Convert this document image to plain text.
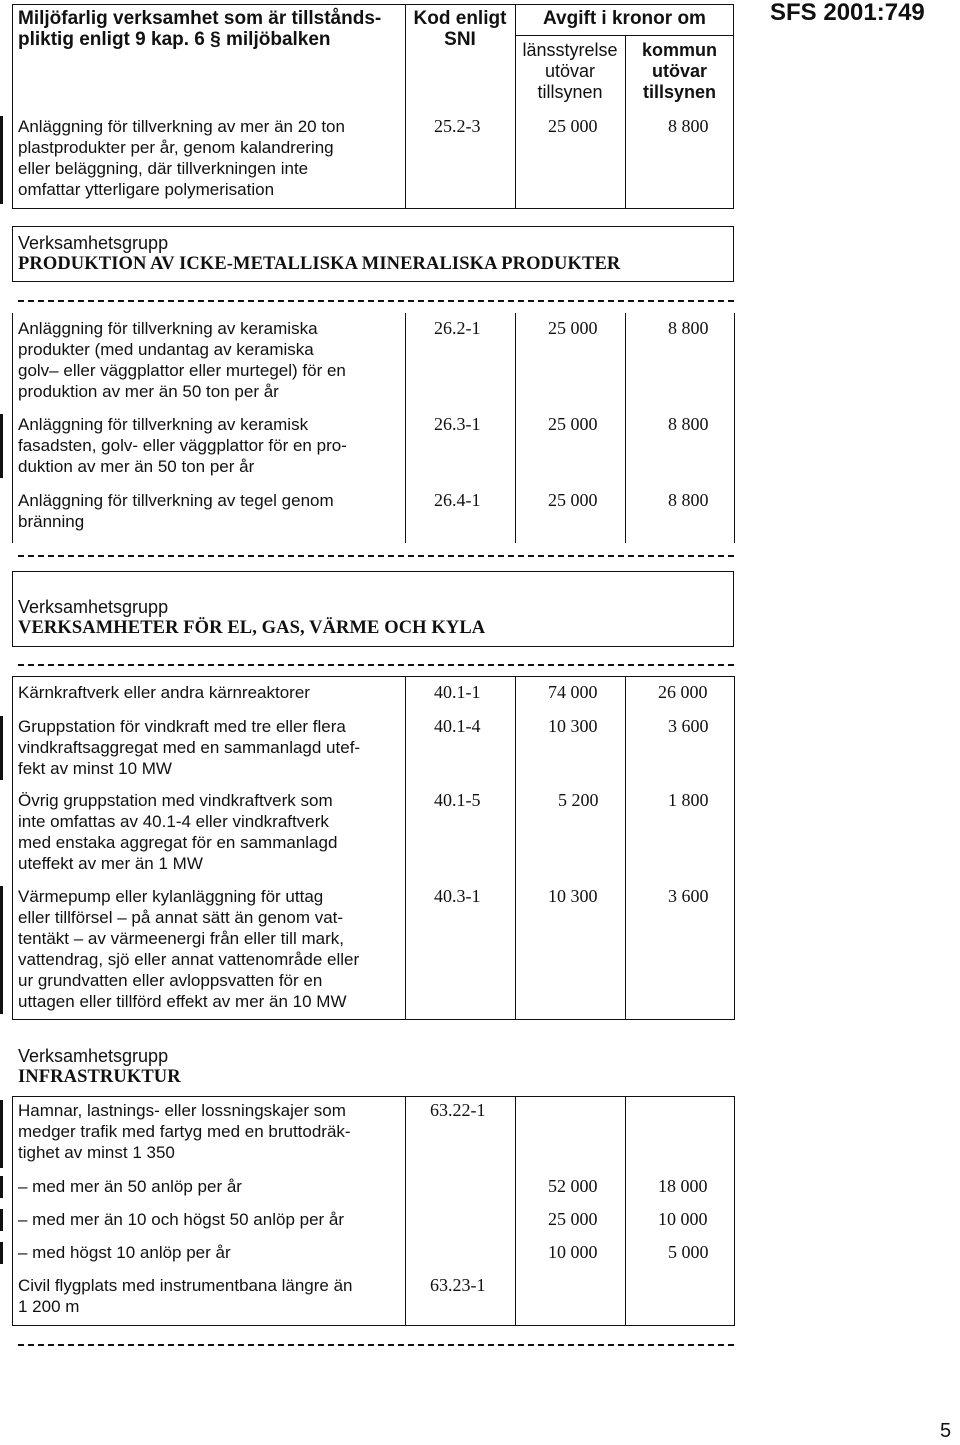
SFS 2001:749
Miljöfarlig verksamhet som är tillstånds-
pliktig enligt 9 kap. 6 § miljöbalken
Kod enligt
SNI
Avgift i kronor om
länsstyrelse
utövar
tillsynen
kommun
utövar
tillsynen
Anläggning för tillverkning av mer än 20 ton
plastprodukter per år, genom kalandrering
eller beläggning, där tillverkningen inte
omfattar ytterligare polymerisation
25.2-3	25 000	8 800
Verksamhetsgrupp
PRODUKTION AV ICKE-METALLISKA MINERALISKA PRODUKTER
Anläggning för tillverkning av keramiska
produkter (med undantag av keramiska
golv– eller väggplattor eller murtegel) för en
produktion av mer än 50 ton per år
26.2-1	25 000	8 800
Anläggning för tillverkning av keramisk
fasadsten, golv- eller väggplattor för en pro-
duktion av mer än 50 ton per år
26.3-1	25 000	8 800
Anläggning för tillverkning av tegel genom
bränning
26.4-1	25 000	8 800
Verksamhetsgrupp
VERKSAMHETER FÖR EL, GAS, VÄRME OCH KYLA
Kärnkraftverk eller andra kärnreaktorer	40.1-1	74 000	26 000
Gruppstation för vindkraft med tre eller flera
vindkraftsaggregat med en sammanlagd utef-
fekt av minst 10 MW
40.1-4	10 300	3 600
Övrig gruppstation med vindkraftverk som
inte omfattas av 40.1-4 eller vindkraftverk
med enstaka aggregat för en sammanlagd
uteffekt av mer än 1 MW
40.1-5	5 200	1 800
Värmepump eller kylanläggning för uttag
eller tillförsel – på annat sätt än genom vat-
tentäkt – av värmeenergi från eller till mark,
vattendrag, sjö eller annat vattenområde eller
ur grundvatten eller avloppsvatten för en
uttagen eller tillförd effekt av mer än 10 MW
40.3-1	10 300	3 600
Verksamhetsgrupp
INFRASTRUKTUR
Hamnar, lastnings- eller lossningskajer som
medger trafik med fartyg med en bruttodräk-
tighet av minst 1 350
63.22-1
– med mer än 50 anlöp per år	52 000	18 000
– med mer än 10 och högst 50 anlöp per år	25 000	10 000
– med högst 10 anlöp per år	10 000	5 000
Civil flygplats med instrumentbana längre än
1 200 m
63.23-1
5
